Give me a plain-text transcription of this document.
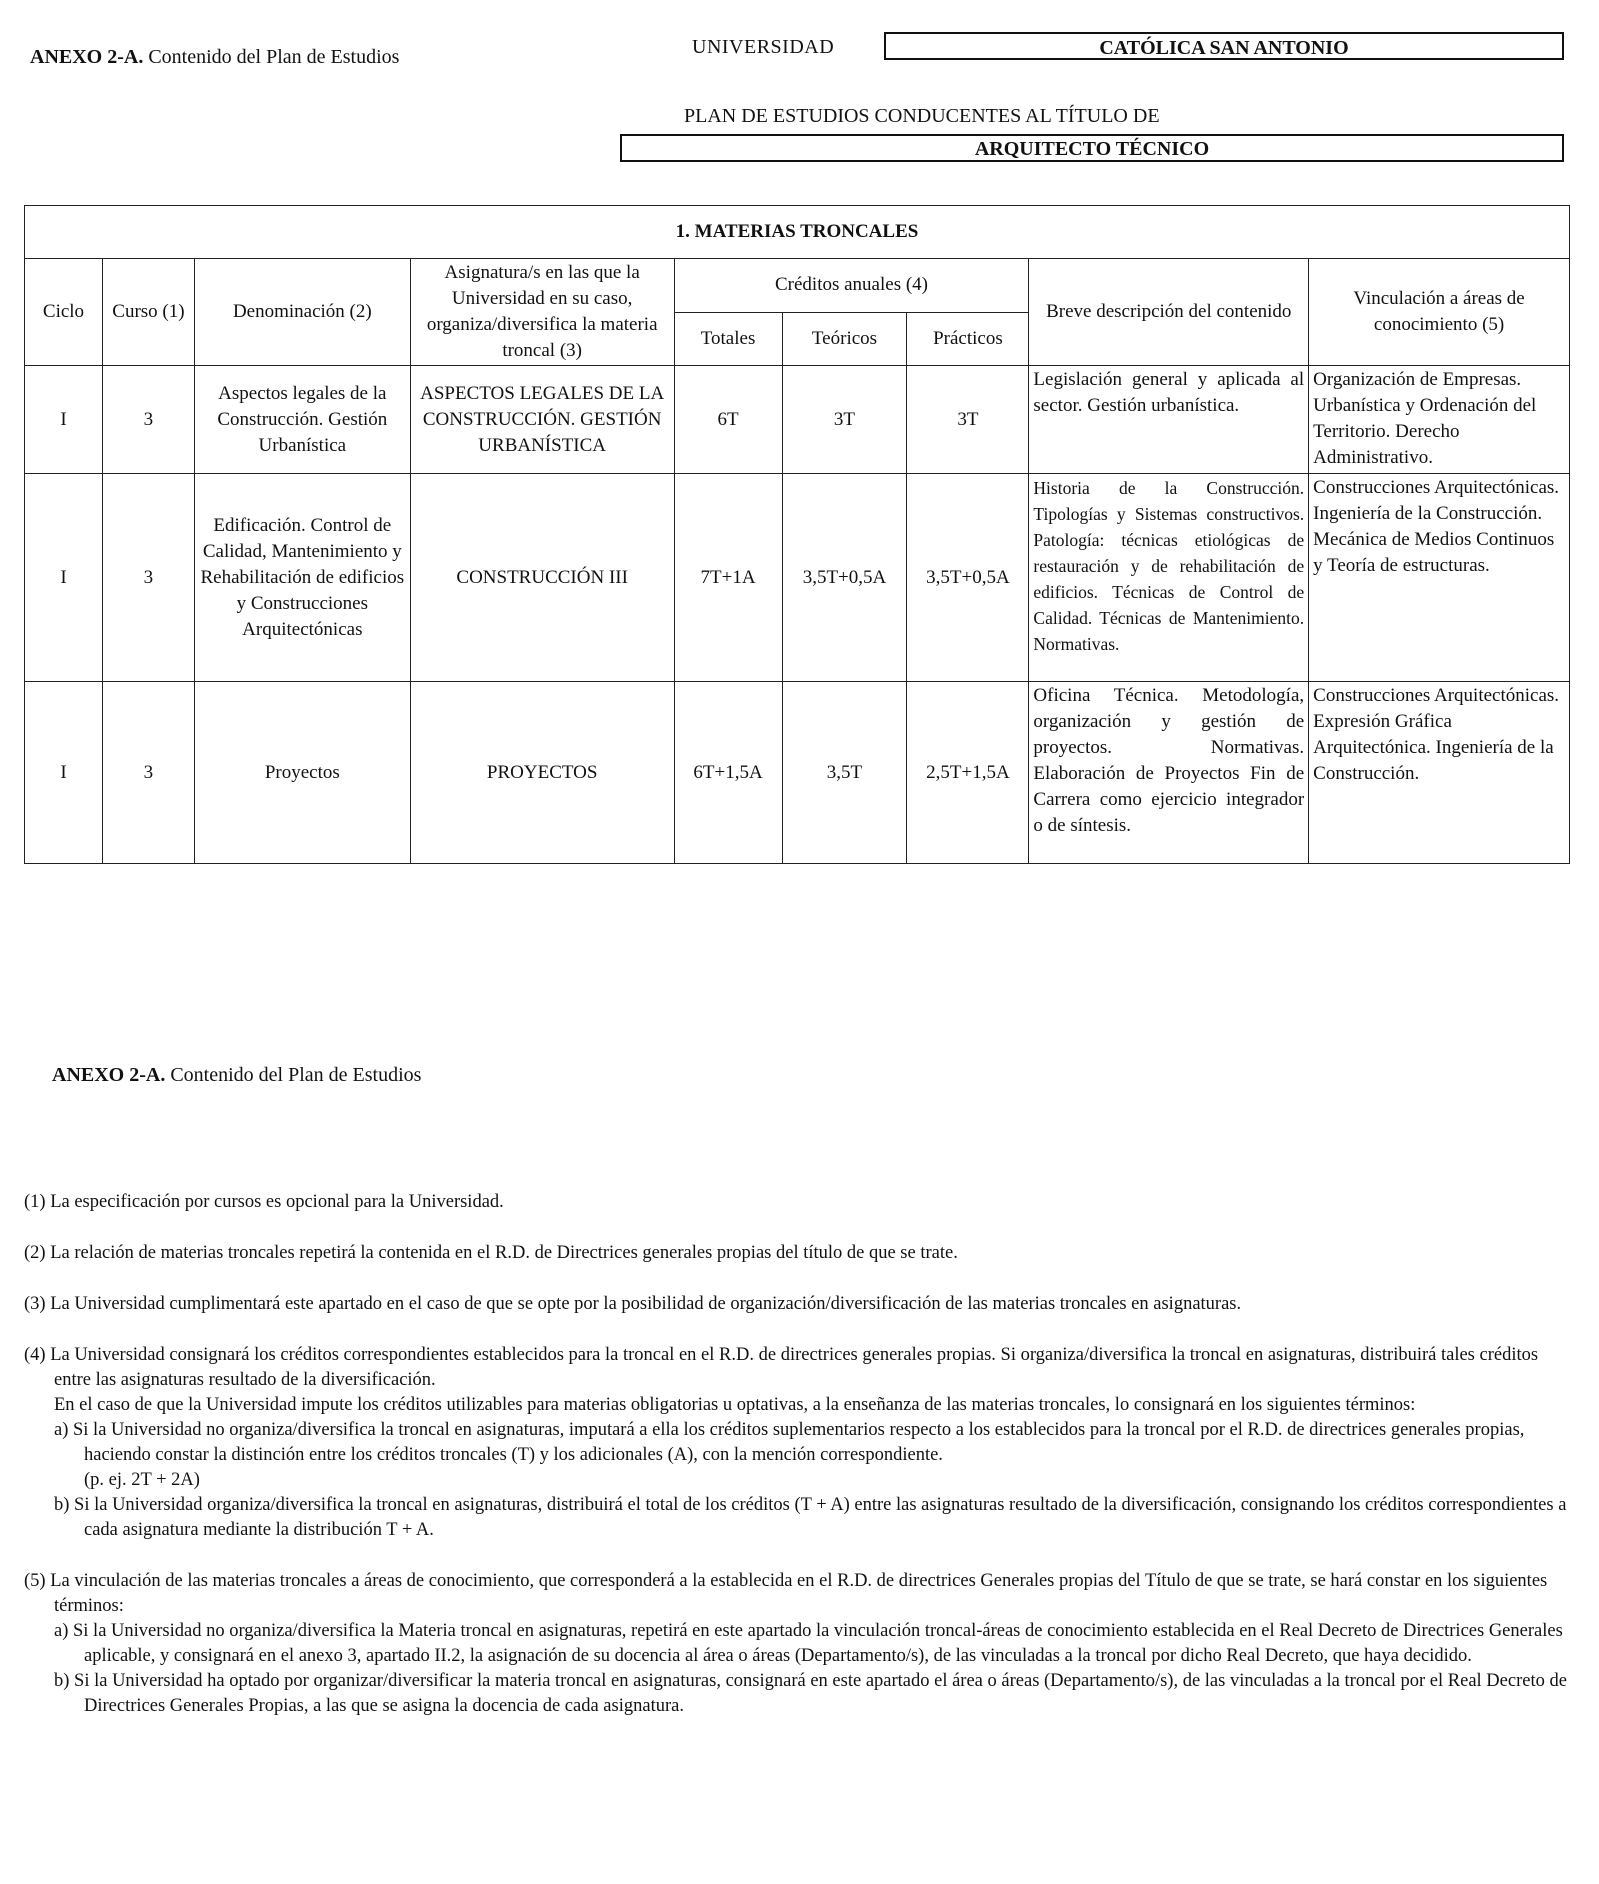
ANEXO 2-A. Contenido del Plan de Estudios	UNIVERSIDAD	CATÓLICA SAN ANTONIO
PLAN DE ESTUDIOS CONDUCENTES AL TÍTULO DE
ARQUITECTO TÉCNICO
1. MATERIAS TRONCALES								
Ciclo	Curso (1)	Denominación (2)	Asignatura/s en las que la Universidad en su caso, organiza/diversifica la materia troncal (3)	Créditos anuales (4)			Breve descripción del contenido	Vinculación a áreas de conocimiento (5)
				Totales	Teóricos	Prácticos		
I	3	Aspectos legales de la Construcción. Gestión Urbanística	ASPECTOS LEGALES DE LA CONSTRUCCIÓN. GESTIÓN URBANÍSTICA	6T	3T	3T	Legislación general y aplicada al sector. Gestión urbanística.	Organización de Empresas. Urbanística y Ordenación del Territorio. Derecho Administrativo.
I	3	Edificación. Control de Calidad, Mantenimiento y Rehabilitación de edificios y Construcciones Arquitectónicas	CONSTRUCCIÓN III	7T+1A	3,5T+0,5A	3,5T+0,5A	Historia de la Construcción. Tipologías y Sistemas constructivos. Patología: técnicas etiológicas de restauración y de rehabilitación de edificios. Técnicas de Control de Calidad. Técnicas de Mantenimiento. Normativas.	Construcciones Arquitectónicas. Ingeniería de la Construcción. Mecánica de Medios Continuos y Teoría de estructuras.
I	3	Proyectos	PROYECTOS	6T+1,5A	3,5T	2,5T+1,5A	Oficina Técnica. Metodología, organización y gestión de proyectos. Normativas. Elaboración de Proyectos Fin de Carrera como ejercicio integrador o de síntesis.	Construcciones Arquitectónicas. Expresión Gráfica Arquitectónica. Ingeniería de la Construcción.
ANEXO 2-A. Contenido del Plan de Estudios

(1) La especificación por cursos es opcional para la Universidad.

(2) La relación de materias troncales repetirá la contenida en el R.D. de Directrices generales propias del título de que se trate.

(3) La Universidad cumplimentará este apartado en el caso de que se opte por la posibilidad de organización/diversificación de las materias troncales en asignaturas.

(4) La Universidad consignará los créditos correspondientes establecidos para la troncal en el R.D. de directrices generales propias. Si organiza/diversifica la troncal en asignaturas, distribuirá tales créditos entre las asignaturas resultado de la diversificación.

En el caso de que la Universidad impute los créditos utilizables para materias obligatorias u optativas, a la enseñanza de las materias troncales, lo consignará en los siguientes términos:

a) Si la Universidad no organiza/diversifica la troncal en asignaturas, imputará a ella los créditos suplementarios respecto a los establecidos para la troncal por el R.D. de directrices generales propias, haciendo constar la distinción entre los créditos troncales (T) y los adicionales (A), con la mención correspondiente.

(p. ej. 2T + 2A)

b) Si la Universidad organiza/diversifica la troncal en asignaturas, distribuirá el total de los créditos (T + A) entre las asignaturas resultado de la diversificación, consignando los créditos correspondientes a cada asignatura mediante la distribución T + A.

(5) La vinculación de las materias troncales a áreas de conocimiento, que corresponderá a la establecida en el R.D. de directrices Generales propias del Título de que se trate, se hará constar en los siguientes términos:

a) Si la Universidad no organiza/diversifica la Materia troncal en asignaturas, repetirá en este apartado la vinculación troncal-áreas de conocimiento establecida en el Real Decreto de Directrices Generales aplicable, y consignará en el anexo 3, apartado II.2, la asignación de su docencia al área o áreas (Departamento/s), de las vinculadas a la troncal por dicho Real Decreto, que haya decidido.

b) Si la Universidad ha optado por organizar/diversificar la materia troncal en asignaturas, consignará en este apartado el área o áreas (Departamento/s), de las vinculadas a la troncal por el Real Decreto de Directrices Generales Propias, a las que se asigna la docencia de cada asignatura.
